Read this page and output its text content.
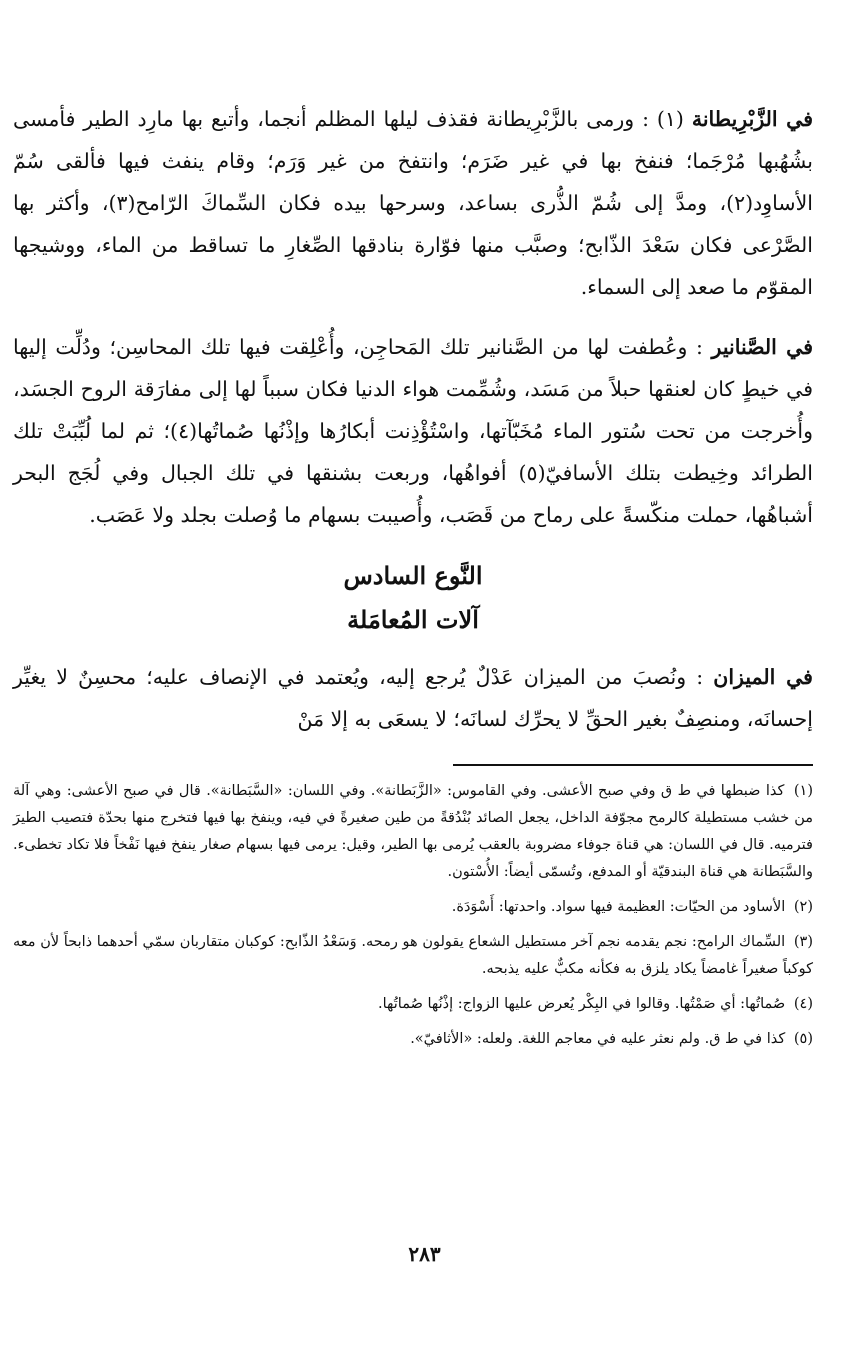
في الزَّبْرِيطانة (١) : ورمى بالزَّبْرِيطانة فقذف ليلها المظلم أنجما، وأتبع بها مارِد الطير فأمسى بشُهُبها مُرْجَما؛ فنفخ بها في غير ضَرَم؛ وانتفخ من غير وَرَم؛ وقام ينفث فيها فألقى سُمّ الأساوِد(٢)، ومدَّ إلى شُمّ الذُّرى بساعد، وسرحها بيده فكان السِّماكَ الرّامح(٣)، وأكثر بها الصَّرْعى فكان سَعْدَ الذّابح؛ وصبَّب منها فوّارة بنادقها الصِّغارِ ما تساقط من الماء، ووشيجها المقوّم ما صعد إلى السماء.

في الصَّنانير : وعُطفت لها من الصَّنانير تلك المَحاجِن، وأُعْلِقت فيها تلك المحاسِن؛ ودُلِّت إليها في خيطٍ كان لعنقها حبلاً من مَسَد، وشُمِّمت هواء الدنيا فكان سبباً لها إلى مفارَقة الروح الجسَد، وأُخرجت من تحت سُتور الماء مُخَبّآتها، واسْتُؤْذِنت أبكارُها وإذْنُها صُماتُها(٤)؛ ثم لما لُبِّبَتْ تلك الطرائد وخِيطت بتلك الأسافيّ(٥) أفواهُها، وربعت بشنقها في تلك الجبال وفي لُجَج البحر أشباهُها، حملت منكّسةً على رماح من قَصَب، وأُصيبت بسهام ما وُصلت بجلد ولا عَصَب.

النَّوع السادس
آلات المُعامَلة

في الميزان : ونُصبَ من الميزان عَدْلٌ يُرجع إليه، ويُعتمد في الإنصاف عليه؛ محسِنٌ لا يغيِّر إحسانَه، ومنصِفٌ بغير الحقِّ لا يحرِّك لسانَه؛ لا يسعَى به إلا مَنْ

(١) كذا ضبطها في ط ق وفي صبح الأعشى. وفي القاموس: «الزَّبَطانة». وفي اللسان: «السَّبَطانة». قال في صبح الأعشى: وهي آلة من خشب مستطيلة كالرمح مجوّفة الداخل، يجعل الصائد بُنْدُقةً من طين صغيرةً في فيه، وينفخ بها فيها فتخرج منها بحدّة فتصيب الطيرَ فترميه. قال في اللسان: هي قناة جوفاء مضروبة بالعقب يُرمى بها الطير، وقيل: يرمى فيها بسهام صغار ينفخ فيها نَفْخاً فلا تكاد تخطىء. والسَّبَطانة هي قناة البندقيّة أو المدفع، وتُسمّى أيضاً: الأُسْتون.

(٢) الأساود من الحيّات: العظيمة فيها سواد. واحدتها: أَسْوَدَة.

(٣) السِّماك الرامح: نجم يقدمه نجم آخر مستطيل الشعاع يقولون هو رمحه. وَسَعْدُ الذّابح: كوكبان متقاربان سمّي أحدهما ذابحاً لأن معه كوكباً صغيراً غامضاً يكاد يلزق به فكأنه مكبٌّ عليه يذبحه.

(٤) صُماتُها: أي صَمْتُها. وقالوا في البِكْر يُعرض عليها الزواج: إذْنُها صُماتُها.

(٥) كذا في ط ق. ولم نعثر عليه في معاجم اللغة. ولعله: «الأثافيّ».

٢٨٣
